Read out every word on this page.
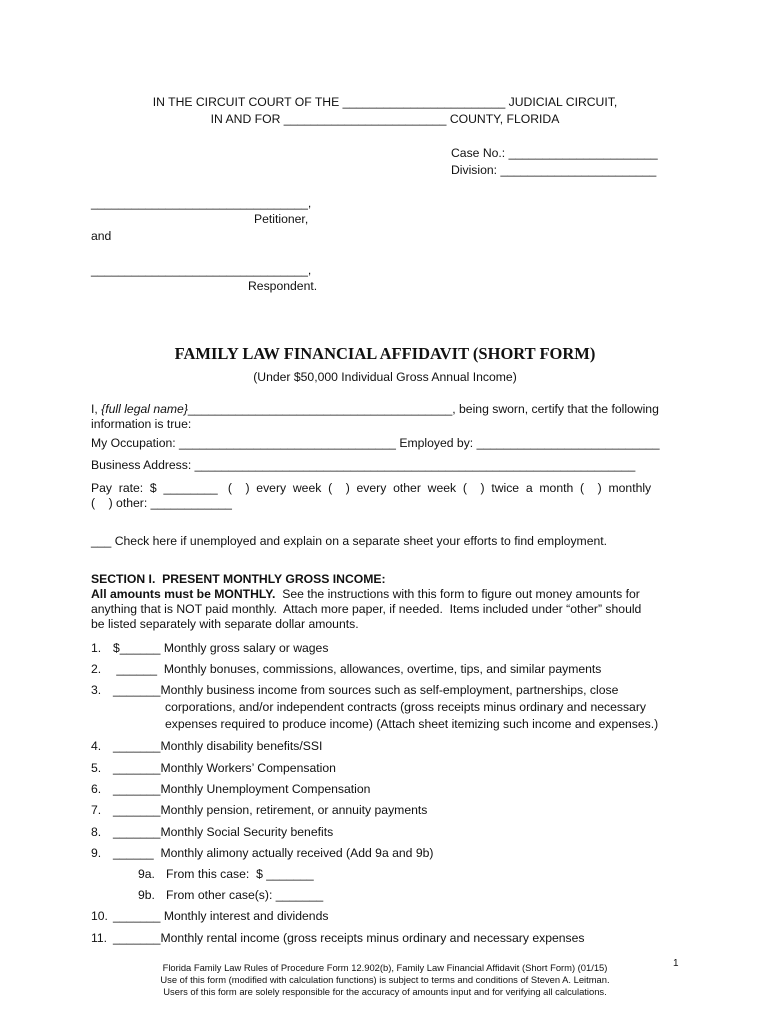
IN THE CIRCUIT COURT OF THE ________________________ JUDICIAL CIRCUIT,
IN AND FOR ________________________ COUNTY, FLORIDA
Case No.: ______________________
Division: _______________________
________________________________,
Petitioner,
and
________________________________,
Respondent.
FAMILY LAW FINANCIAL AFFIDAVIT (SHORT FORM)
(Under $50,000 Individual Gross Annual Income)
I, {full legal name}_______________________________________, being sworn, certify that the following
information is true:
My Occupation: ________________________________ Employed by: ___________________________
Business Address: _________________________________________________________________
Pay  rate:  $  ________   (    )  every  week  (    )  every  other  week  (    )  twice  a  month  (    )  monthly
(    ) other: ____________
___ Check here if unemployed and explain on a separate sheet your efforts to find employment.
SECTION I.  PRESENT MONTHLY GROSS INCOME:
All amounts must be MONTHLY.  See the instructions with this form to figure out money amounts for
anything that is NOT paid monthly.  Attach more paper, if needed.  Items included under “other” should
be listed separately with separate dollar amounts.
1. $______ Monthly gross salary or wages
2. ______  Monthly bonuses, commissions, allowances, overtime, tips, and similar payments
3. _______Monthly business income from sources such as self-employment, partnerships, close
corporations, and/or independent contracts (gross receipts minus ordinary and necessary
expenses required to produce income) (Attach sheet itemizing such income and expenses.)
4. _______Monthly disability benefits/SSI
5. _______Monthly Workers’ Compensation
6. _______Monthly Unemployment Compensation
7. _______Monthly pension, retirement, or annuity payments
8. _______Monthly Social Security benefits
9. ______  Monthly alimony actually received (Add 9a and 9b)
9a. From this case:  $ _______
9b. From other case(s): _______
10. _______ Monthly interest and dividends
11. _______Monthly rental income (gross receipts minus ordinary and necessary expenses
Florida Family Law Rules of Procedure Form 12.902(b), Family Law Financial Affidavit (Short Form) (01/15)
Use of this form (modified with calculation functions) is subject to terms and conditions of Steven A. Leitman.
Users of this form are solely responsible for the accuracy of amounts input and for verifying all calculations.
1
